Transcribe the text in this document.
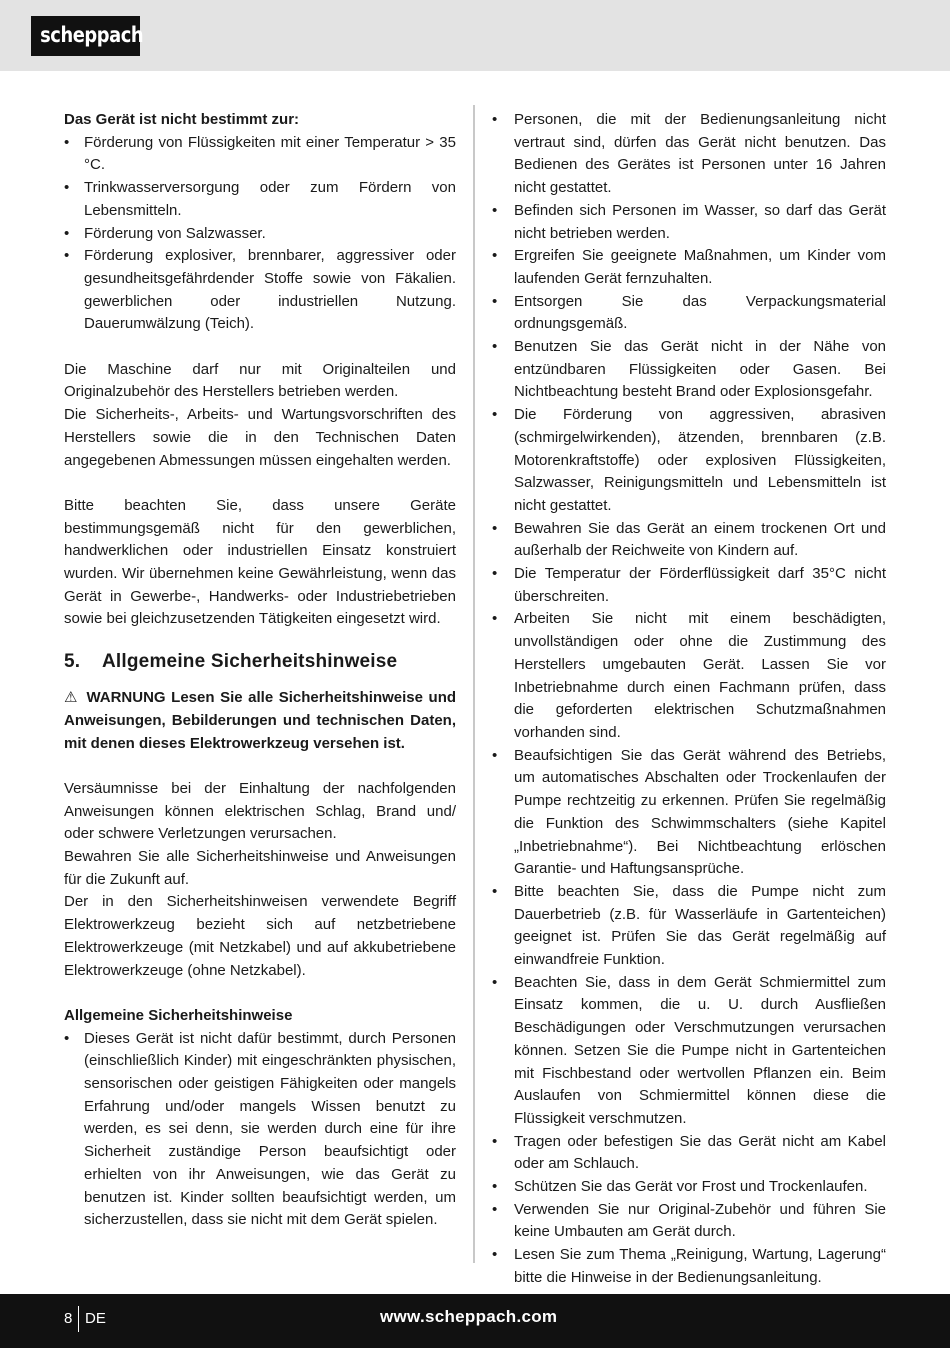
scheppach

Das Gerät ist nicht bestimmt zur:

• Förderung von Flüssigkeiten mit einer Temperatur > 35 °C.
• Trinkwasserversorgung oder zum Fördern von Lebensmitteln.
• Förderung von Salzwasser.
• Förderung explosiver, brennbarer, aggressiver oder gesundheitsgefährdender Stoffe sowie von Fäkalien. gewerblichen oder industriellen Nutzung. Dauerumwälzung (Teich).

Die Maschine darf nur mit Originalteilen und Originalzubehör des Herstellers betrieben werden.

Die Sicherheits-, Arbeits- und Wartungsvorschriften des Herstellers sowie die in den Technischen Daten angegebenen Abmessungen müssen eingehalten werden.

Bitte beachten Sie, dass unsere Geräte bestimmungsgemäß nicht für den gewerblichen, handwerklichen oder industriellen Einsatz konstruiert wurden. Wir übernehmen keine Gewährleistung, wenn das Gerät in Gewerbe-, Handwerks- oder Industriebetrieben sowie bei gleichzusetzenden Tätigkeiten eingesetzt wird.

5. Allgemeine Sicherheitshinweise

⚠ WARNUNG Lesen Sie alle Sicherheitshinweise und Anweisungen, Bebilderungen und technischen Daten, mit denen dieses Elektrowerkzeug versehen ist.

Versäumnisse bei der Einhaltung der nachfolgenden Anweisungen können elektrischen Schlag, Brand und/ oder schwere Verletzungen verursachen.

Bewahren Sie alle Sicherheitshinweise und Anweisungen für die Zukunft auf.

Der in den Sicherheitshinweisen verwendete Begriff Elektrowerkzeug bezieht sich auf netzbetriebene Elektrowerkzeuge (mit Netzkabel) und auf akkubetriebene Elektrowerkzeuge (ohne Netzkabel).

Allgemeine Sicherheitshinweise

• Dieses Gerät ist nicht dafür bestimmt, durch Personen (einschließlich Kinder) mit eingeschränkten physischen, sensorischen oder geistigen Fähigkeiten oder mangels Erfahrung und/oder mangels Wissen benutzt zu werden, es sei denn, sie werden durch eine für ihre Sicherheit zuständige Person beaufsichtigt oder erhielten von ihr Anweisungen, wie das Gerät zu benutzen ist. Kinder sollten beaufsichtigt werden, um sicherzustellen, dass sie nicht mit dem Gerät spielen.
• Personen, die mit der Bedienungsanleitung nicht vertraut sind, dürfen das Gerät nicht benutzen. Das Bedienen des Gerätes ist Personen unter 16 Jahren nicht gestattet.
• Befinden sich Personen im Wasser, so darf das Gerät nicht betrieben werden.
• Ergreifen Sie geeignete Maßnahmen, um Kinder vom laufenden Gerät fernzuhalten.
• Entsorgen Sie das Verpackungsmaterial ordnungsgemäß.
• Benutzen Sie das Gerät nicht in der Nähe von entzündbaren Flüssigkeiten oder Gasen. Bei Nichtbeachtung besteht Brand oder Explosionsgefahr.
• Die Förderung von aggressiven, abrasiven (schmirgelwirkenden), ätzenden, brennbaren (z.B. Motorenkraftstoffe) oder explosiven Flüssigkeiten, Salzwasser, Reinigungsmitteln und Lebensmitteln ist nicht gestattet.
• Bewahren Sie das Gerät an einem trockenen Ort und außerhalb der Reichweite von Kindern auf.
• Die Temperatur der Förderflüssigkeit darf 35°C nicht überschreiten.
• Arbeiten Sie nicht mit einem beschädigten, unvollständigen oder ohne die Zustimmung des Herstellers umgebauten Gerät. Lassen Sie vor Inbetriebnahme durch einen Fachmann prüfen, dass die geforderten elektrischen Schutzmaßnahmen vorhanden sind.
• Beaufsichtigen Sie das Gerät während des Betriebs, um automatisches Abschalten oder Trockenlaufen der Pumpe rechtzeitig zu erkennen. Prüfen Sie regelmäßig die Funktion des Schwimmschalters (siehe Kapitel „Inbetriebnahme“). Bei Nichtbeachtung erlöschen Garantie- und Haftungsansprüche.
• Bitte beachten Sie, dass die Pumpe nicht zum Dauerbetrieb (z.B. für Wasserläufe in Gartenteichen) geeignet ist. Prüfen Sie das Gerät regelmäßig auf einwandfreie Funktion.
• Beachten Sie, dass in dem Gerät Schmiermittel zum Einsatz kommen, die u. U. durch Ausfließen Beschädigungen oder Verschmutzungen verursachen können. Setzen Sie die Pumpe nicht in Gartenteichen mit Fischbestand oder wertvollen Pflanzen ein. Beim Auslaufen von Schmiermittel können diese die Flüssigkeit verschmutzen.
• Tragen oder befestigen Sie das Gerät nicht am Kabel oder am Schlauch.
• Schützen Sie das Gerät vor Frost und Trockenlaufen.
• Verwenden Sie nur Original-Zubehör und führen Sie keine Umbauten am Gerät durch.
• Lesen Sie zum Thema „Reinigung, Wartung, Lagerung“ bitte die Hinweise in der Bedienungsanleitung.
8 DE	www.scheppach.com
